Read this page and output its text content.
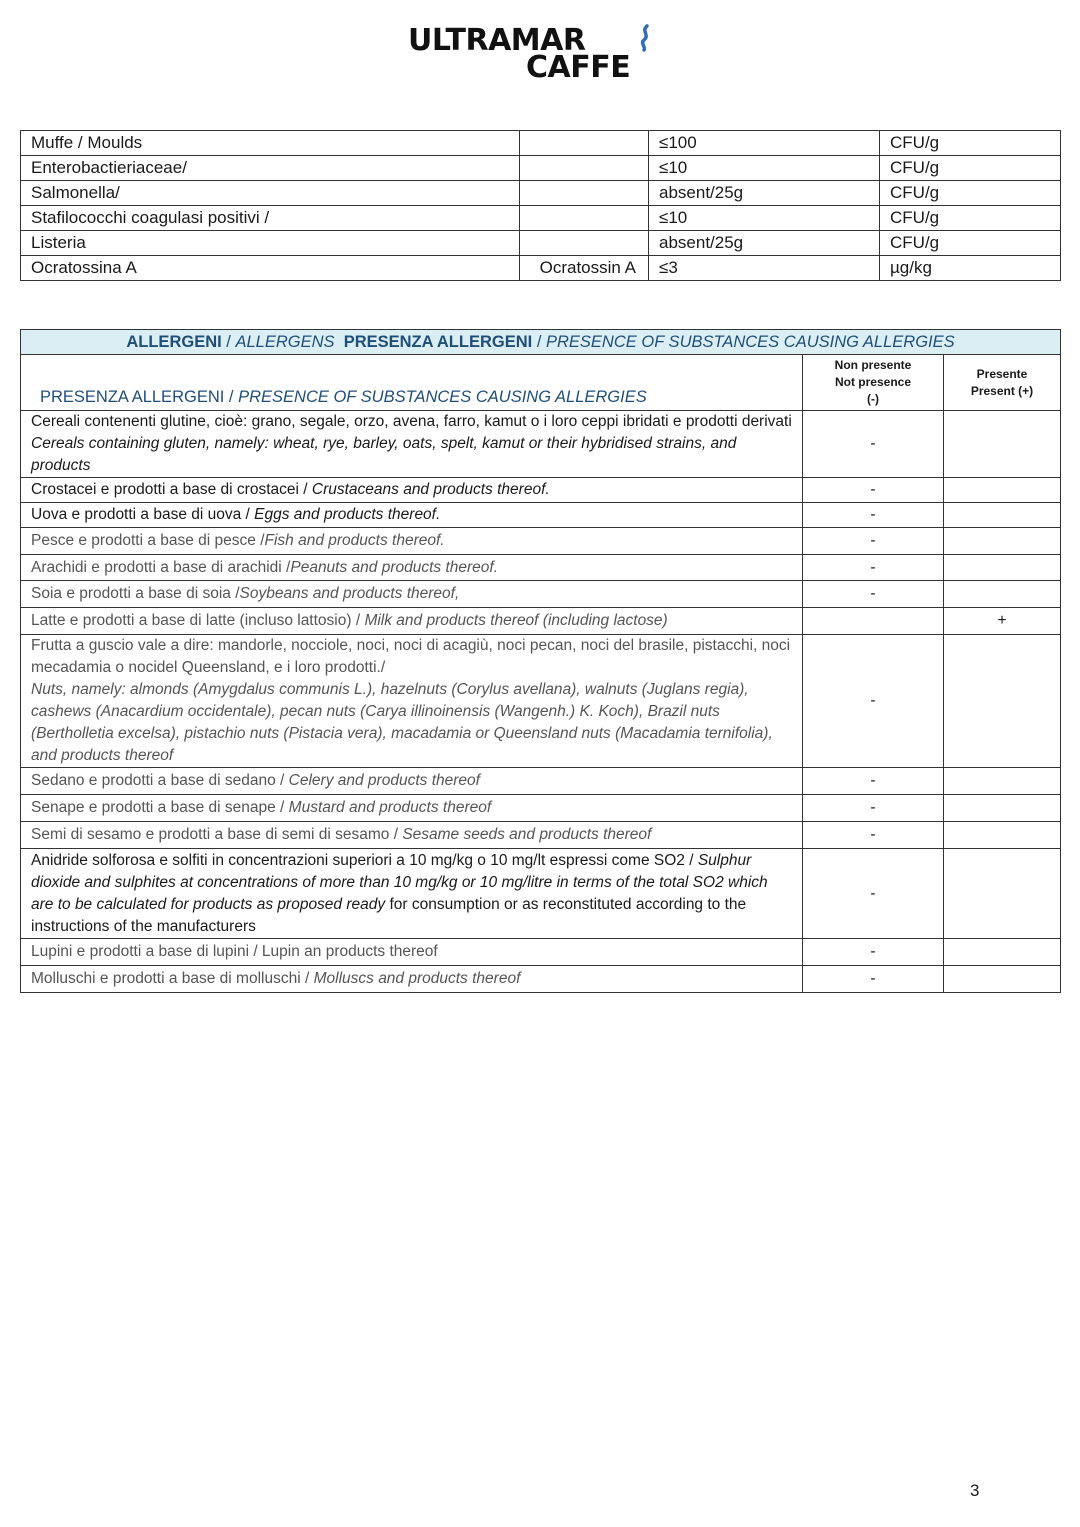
ULTRAMAR
CAFFE
Muffe / Moulds		≤100	CFU/g
Enterobactieriaceae/		≤10	CFU/g
Salmonella/		absent/25g	CFU/g
Stafilococchi coagulasi positivi /		≤10	CFU/g
Listeria		absent/25g	CFU/g
Ocratossina A	Ocratossin A	≤3	µg/kg
ALLERGENI / ALLERGENS PRESENZA ALLERGENI / PRESENCE OF SUBSTANCES CAUSING ALLERGIES		
PRESENZA ALLERGENI / PRESENCE OF SUBSTANCES CAUSING ALLERGIES	Non presente
Not presence
(-)	Presente
Present (+)
Cereali contenenti glutine, cioè: grano, segale, orzo, avena, farro, kamut o i loro ceppi ibridati e prodotti derivati Cereals containing gluten, namely: wheat, rye, barley, oats, spelt, kamut or their hybridised strains, and products	-	
Crostacei e prodotti a base di crostacei / Crustaceans and products thereof.	-	
Uova e prodotti a base di uova / Eggs and products thereof.	-	
Pesce e prodotti a base di pesce /Fish and products thereof.	-	
Arachidi e prodotti a base di arachidi /Peanuts and products thereof.	-	
Soia e prodotti a base di soia /Soybeans and products thereof,	-	
Latte e prodotti a base di latte (incluso lattosio) / Milk and products thereof (including lactose)		+
Frutta a guscio vale a dire: mandorle, nocciole, noci, noci di acagiù, noci pecan, noci del brasile, pistacchi, noci mecadamia o nocidel Queensland, e i loro prodotti./
Nuts, namely: almonds (Amygdalus communis L.), hazelnuts (Corylus avellana), walnuts (Juglans regia), cashews (Anacardium occidentale), pecan nuts (Carya illinoinensis (Wangenh.) K. Koch), Brazil nuts (Bertholletia excelsa), pistachio nuts (Pistacia vera), macadamia or Queensland nuts (Macadamia ternifolia), and products thereof	-	
Sedano e prodotti a base di sedano / Celery and products thereof	-	
Senape e prodotti a base di senape / Mustard and products thereof	-	
Semi di sesamo e prodotti a base di semi di sesamo / Sesame seeds and products thereof	-	
Anidride solforosa e solfiti in concentrazioni superiori a 10 mg/kg o 10 mg/lt espressi come SO2 / Sulphur dioxide and sulphites at concentrations of more than 10 mg/kg or 10 mg/litre in terms of the total SO2 which are to be calculated for products as proposed ready for consumption or as reconstituted according to the instructions of the manufacturers	-	
Lupini e prodotti a base di lupini / Lupin an products thereof	-	
Molluschi e prodotti a base di molluschi / Molluscs and products thereof	-	
3
